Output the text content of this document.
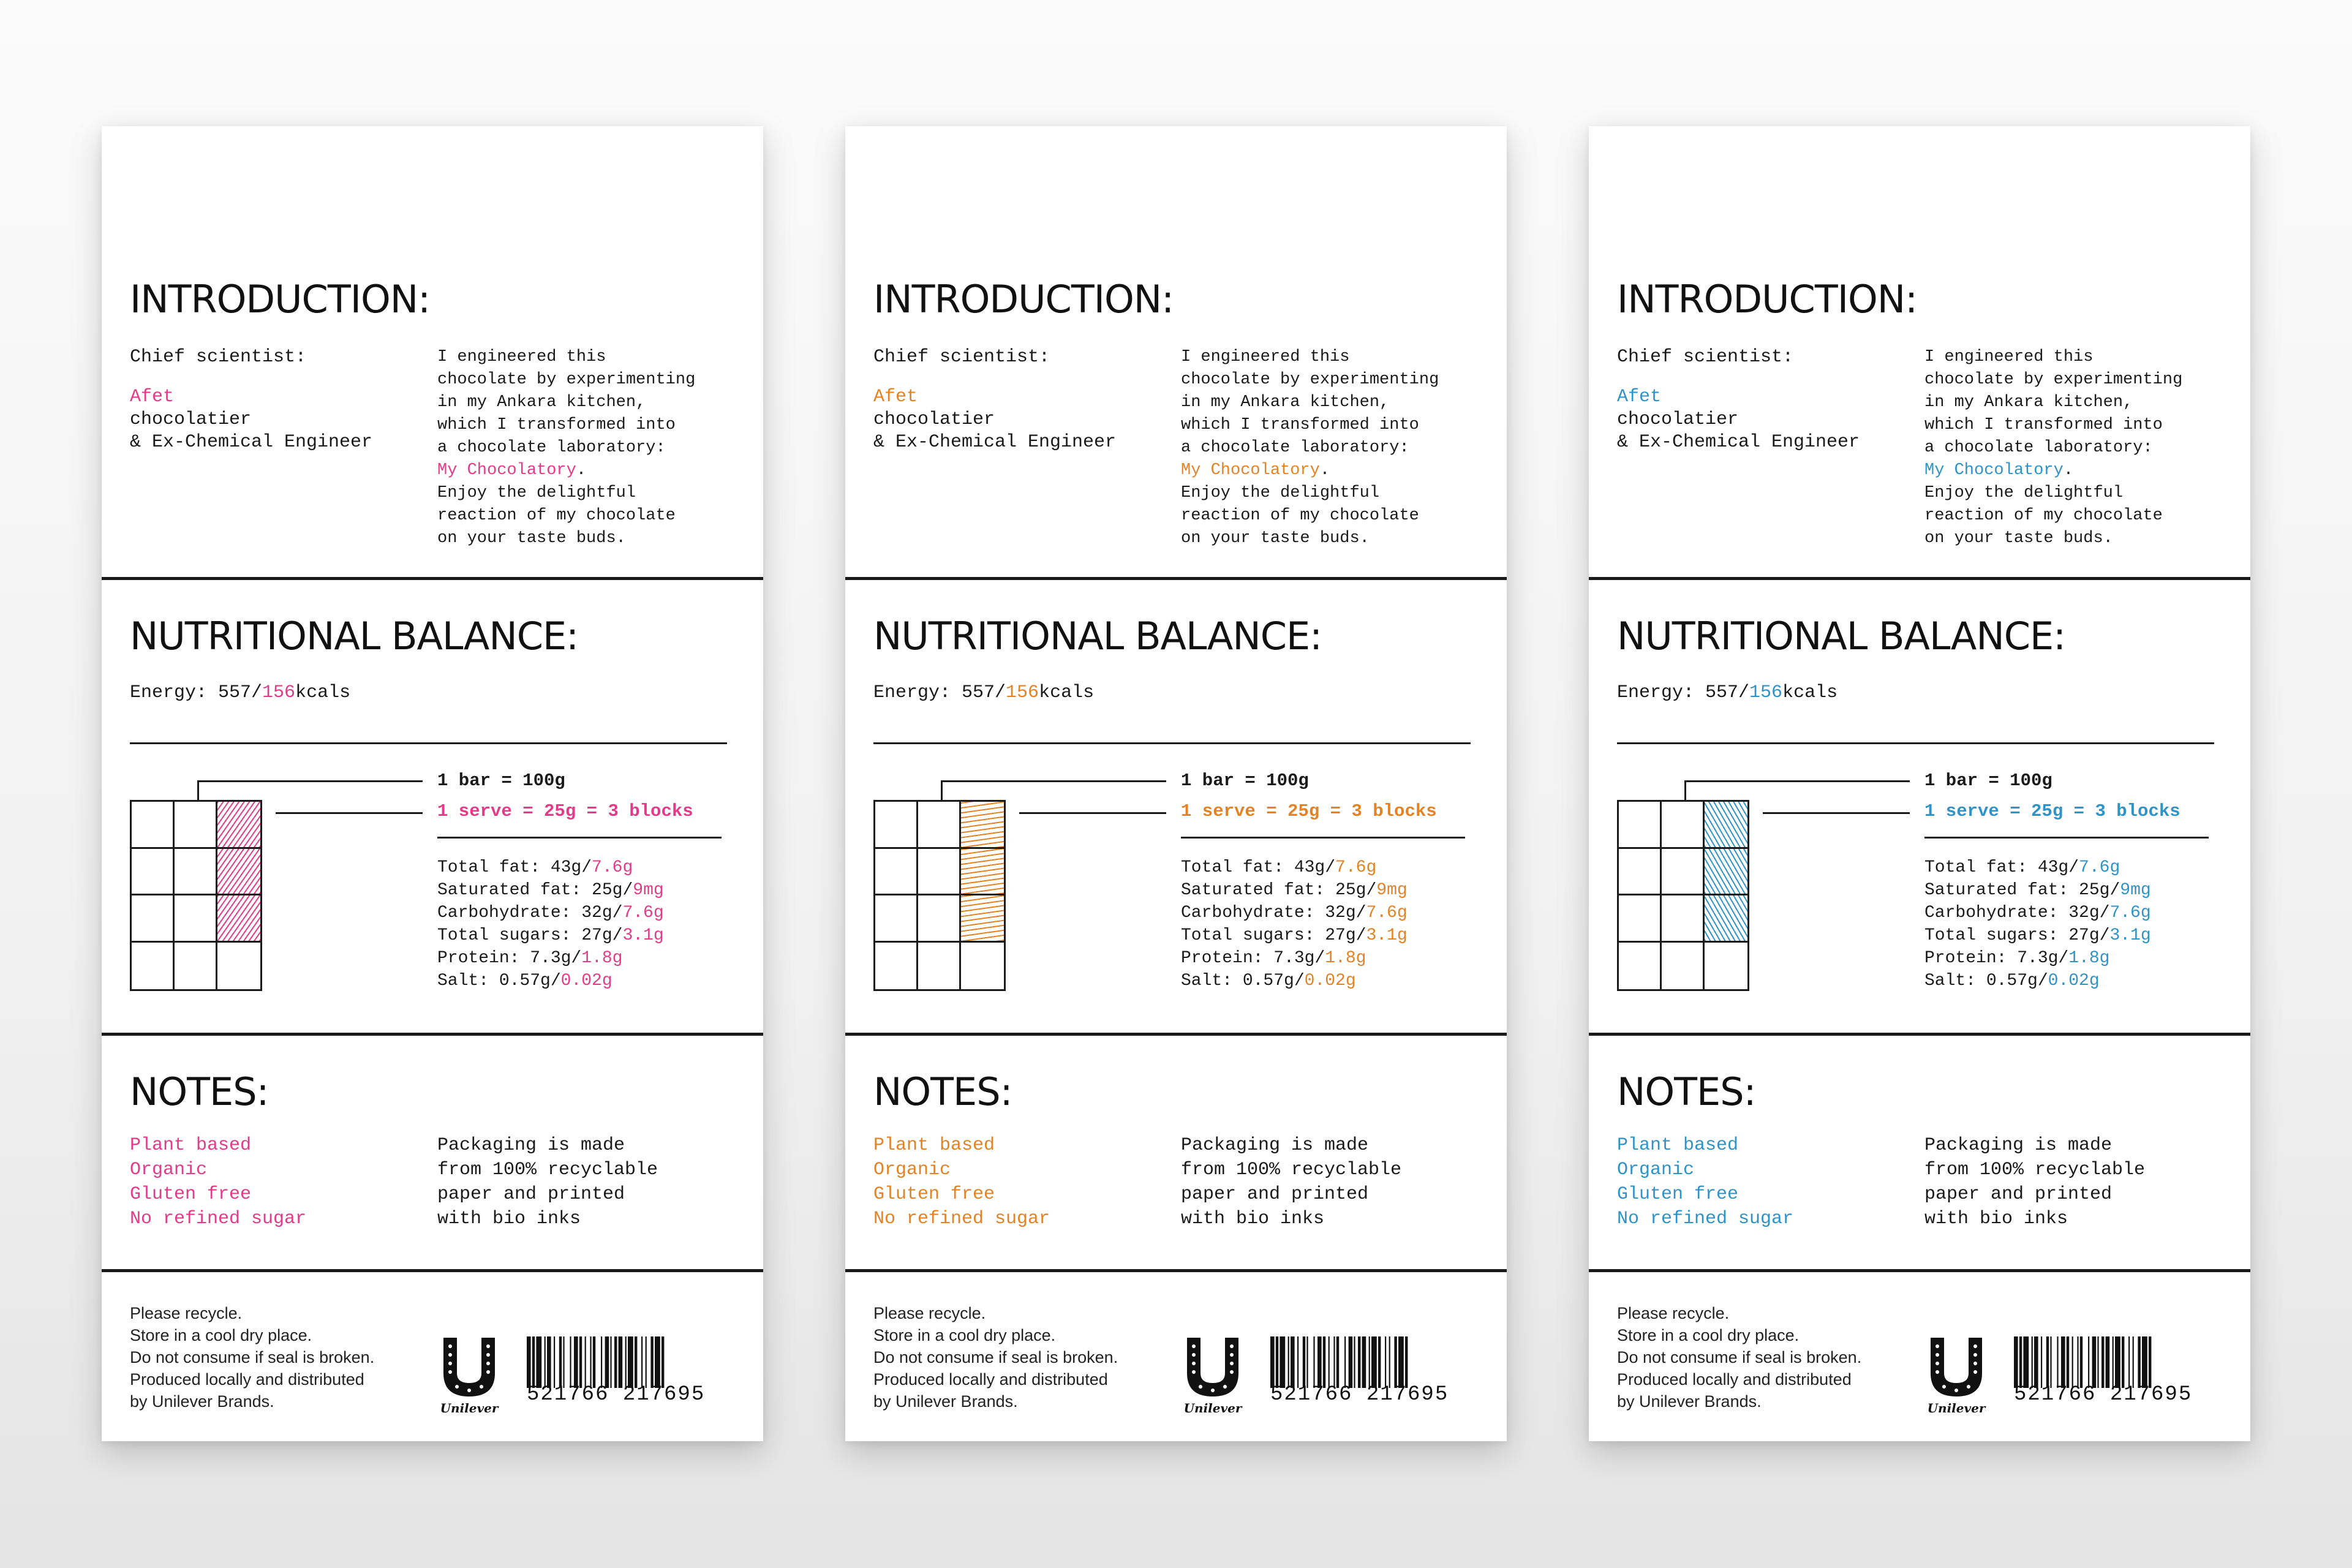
INTRODUCTION:
Chief scientist:
Afet
chocolatier
& Ex-Chemical Engineer
I engineered this
chocolate by experimenting
in my Ankara kitchen,
which I transformed into
a chocolate laboratory:
My Chocolatory.
Enjoy the delightful
reaction of my chocolate
on your taste buds.
NUTRITIONAL BALANCE:
Energy: 557/156kcals
1 bar = 100g
1 serve = 25g = 3 blocks
Total fat: 43g/7.6g
Saturated fat: 25g/9mg
Carbohydrate: 32g/7.6g
Total sugars: 27g/3.1g
Protein: 7.3g/1.8g
Salt: 0.57g/0.02g
NOTES:
Plant based
Organic
Gluten free
No refined sugar
Packaging is made
from 100% recyclable
paper and printed
with bio inks
Please recycle.
Store in a cool dry place.
Do not consume if seal is broken.
Produced locally and distributed
by Unilever Brands.	Unilever
521766 217695
INTRODUCTION:
Chief scientist:
Afet
chocolatier
& Ex-Chemical Engineer
I engineered this
chocolate by experimenting
in my Ankara kitchen,
which I transformed into
a chocolate laboratory:
My Chocolatory.
Enjoy the delightful
reaction of my chocolate
on your taste buds.
NUTRITIONAL BALANCE:
Energy: 557/156kcals
1 bar = 100g
1 serve = 25g = 3 blocks
Total fat: 43g/7.6g
Saturated fat: 25g/9mg
Carbohydrate: 32g/7.6g
Total sugars: 27g/3.1g
Protein: 7.3g/1.8g
Salt: 0.57g/0.02g
NOTES:
Plant based
Organic
Gluten free
No refined sugar
Packaging is made
from 100% recyclable
paper and printed
with bio inks
Please recycle.
Store in a cool dry place.
Do not consume if seal is broken.
Produced locally and distributed
by Unilever Brands.	Unilever
521766 217695
INTRODUCTION:
Chief scientist:
Afet
chocolatier
& Ex-Chemical Engineer
I engineered this
chocolate by experimenting
in my Ankara kitchen,
which I transformed into
a chocolate laboratory:
My Chocolatory.
Enjoy the delightful
reaction of my chocolate
on your taste buds.
NUTRITIONAL BALANCE:
Energy: 557/156kcals
1 bar = 100g
1 serve = 25g = 3 blocks
Total fat: 43g/7.6g
Saturated fat: 25g/9mg
Carbohydrate: 32g/7.6g
Total sugars: 27g/3.1g
Protein: 7.3g/1.8g
Salt: 0.57g/0.02g
NOTES:
Plant based
Organic
Gluten free
No refined sugar
Packaging is made
from 100% recyclable
paper and printed
with bio inks
Please recycle.
Store in a cool dry place.
Do not consume if seal is broken.
Produced locally and distributed
by Unilever Brands.	Unilever
521766 217695
